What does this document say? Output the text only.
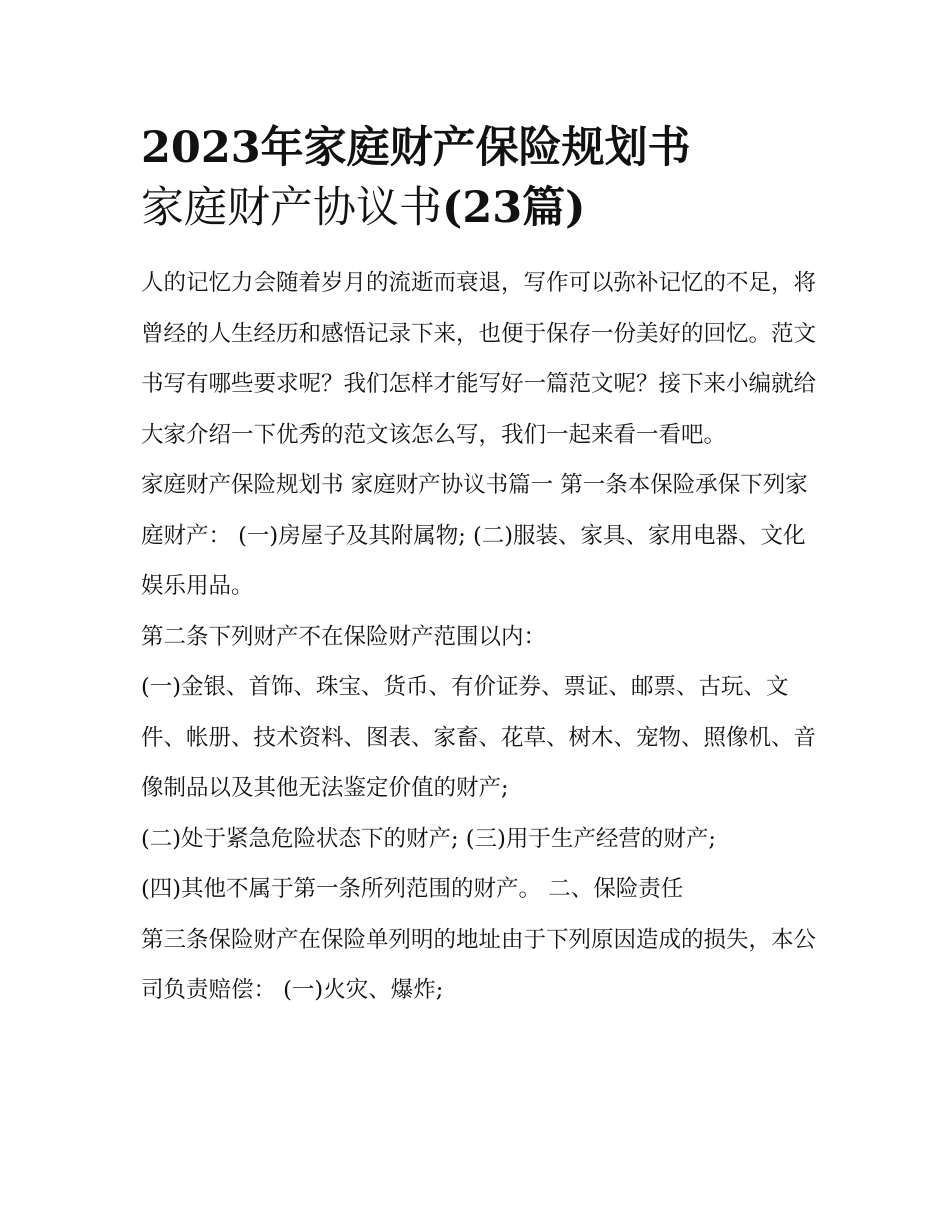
2023年家庭财产保险规划书
家庭财产协议书(23篇)

人的记忆力会随着岁月的流逝而衰退，写作可以弥补记忆的不足，将曾经的人生经历和感悟记录下来，也便于保存一份美好的回忆。范文书写有哪些要求呢？我们怎样才能写好一篇范文呢？接下来小编就给大家介绍一下优秀的范文该怎么写，我们一起来看一看吧。

家庭财产保险规划书 家庭财产协议书篇一 第一条本保险承保下列家庭财产： (一)房屋子及其附属物; (二)服装、家具、家用电器、文化娱乐用品。

第二条下列财产不在保险财产范围以内：

(一)金银、首饰、珠宝、货币、有价证券、票证、邮票、古玩、文件、帐册、技术资料、图表、家畜、花草、树木、宠物、照像机、音像制品以及其他无法鉴定价值的财产;

(二)处于紧急危险状态下的财产; (三)用于生产经营的财产;

(四)其他不属于第一条所列范围的财产。 二、保险责任

第三条保险财产在保险单列明的地址由于下列原因造成的损失，本公司负责赔偿： (一)火灾、爆炸;
